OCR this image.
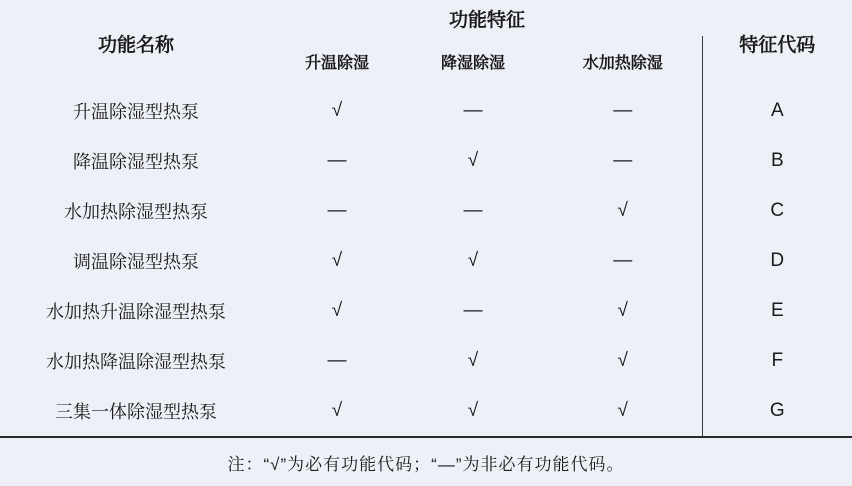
功能名称	功能特征			特征代码
	升温除湿	降湿除湿	水加热除湿	
升温除湿型热泵	√	—	—	A
降温除湿型热泵	—	√	—	B
水加热除湿型热泵	—	—	√	C
调温除湿型热泵	√	√	—	D
水加热升温除湿型热泵	√	—	√	E
水加热降温除湿型热泵	—	√	√	F
三集一体除湿型热泵	√	√	√	G
注：“√”为必有功能代码；“—”为非必有功能代码。				
